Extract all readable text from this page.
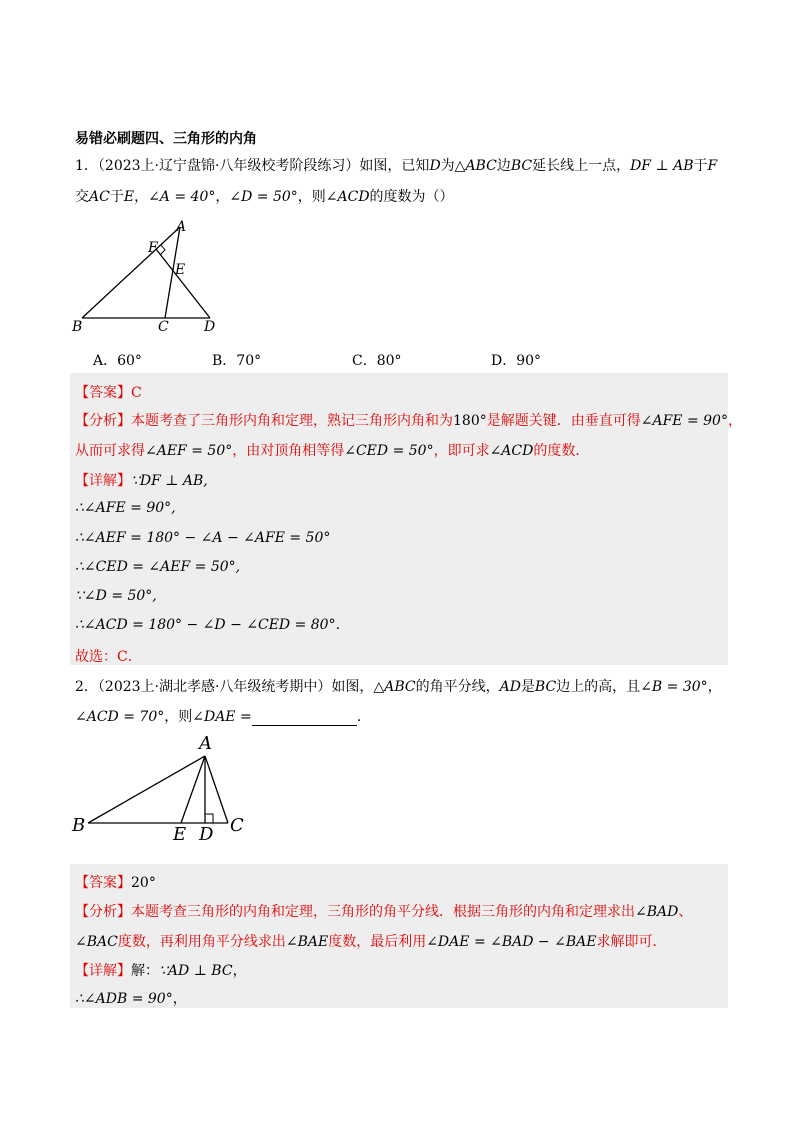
易错必刷题四、三角形的内角
1．（2023上·辽宁盘锦·八年级校考阶段练习）如图，已知D为△ABC边BC延长线上一点，DF ⊥ AB于F
交AC于E，∠A = 40°，∠D = 50°，则∠ACD的度数为（）
A
B	C	D
E
F
A．60°	B．70°	C．80°	D．90°
【答案】C
【分析】本题考查了三角形内角和定理，熟记三角形内角和为180°是解题关键．由垂直可得∠AFE = 90°，
从而可求得∠AEF = 50°，由对顶角相等得∠CED = 50°，即可求∠ACD的度数．
【详解】∵DF ⊥ AB,
∴∠AFE = 90°,
∴∠AEF = 180° − ∠A − ∠AFE = 50°
∴∠CED = ∠AEF = 50°,
∵∠D = 50°,
∴∠ACD = 180° − ∠D − ∠CED = 80°.
故选：C．
2．（2023上·湖北孝感·八年级统考期中）如图，△ABC的角平分线，AD是BC边上的高，且∠B = 30°，
∠ACD = 70°，则∠DAE =	.
A
B	C
D
E
【答案】20°
【分析】本题考查三角形的内角和定理，三角形的角平分线．根据三角形的内角和定理求出∠BAD、
∠BAC度数，再利用角平分线求出∠BAE度数，最后利用∠DAE = ∠BAD − ∠BAE求解即可．
【详解】解：∵AD ⊥ BC，
∴∠ADB = 90°，
